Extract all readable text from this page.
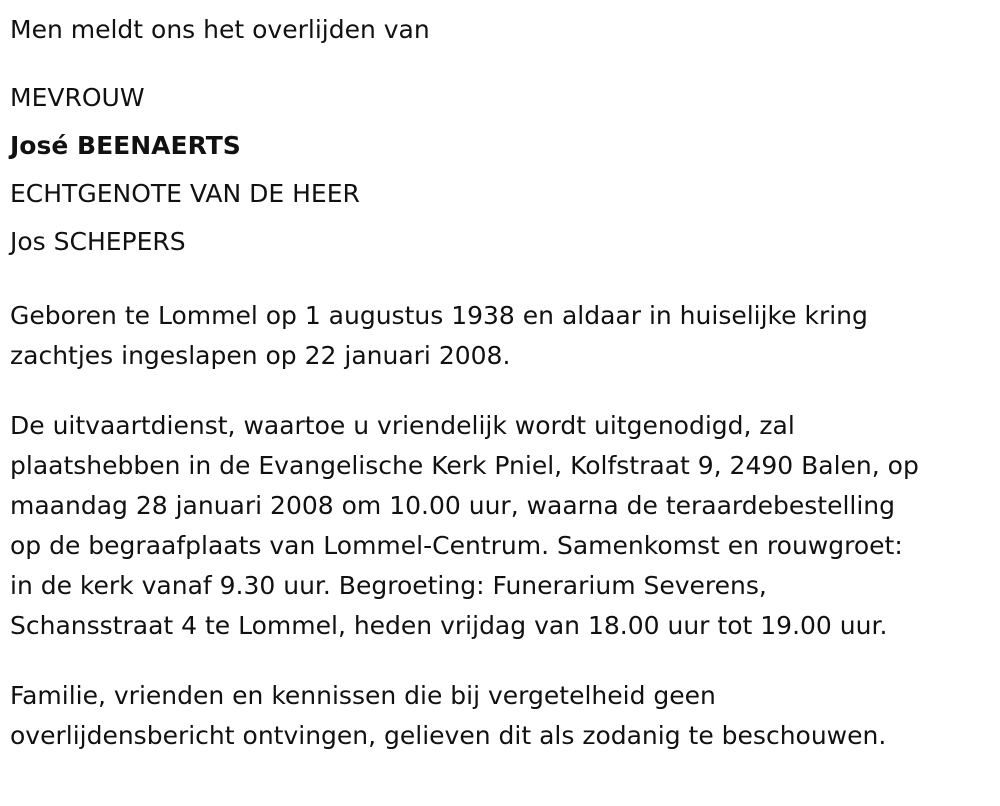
Men meldt ons het overlijden van

MEVROUW

José BEENAERTS

ECHTGENOTE VAN DE HEER

Jos SCHEPERS

Geboren te Lommel op 1 augustus 1938 en aldaar in huiselijke kring

zachtjes ingeslapen op 22 januari 2008.

De uitvaartdienst, waartoe u vriendelijk wordt uitgenodigd, zal

plaatshebben in de Evangelische Kerk Pniel, Kolfstraat 9, 2490 Balen, op

maandag 28 januari 2008 om 10.00 uur, waarna de teraardebestelling

op de begraafplaats van Lommel-Centrum. Samenkomst en rouwgroet:

in de kerk vanaf 9.30 uur. Begroeting: Funerarium Severens,

Schansstraat 4 te Lommel, heden vrijdag van 18.00 uur tot 19.00 uur.

Familie, vrienden en kennissen die bij vergetelheid geen

overlijdensbericht ontvingen, gelieven dit als zodanig te beschouwen.
